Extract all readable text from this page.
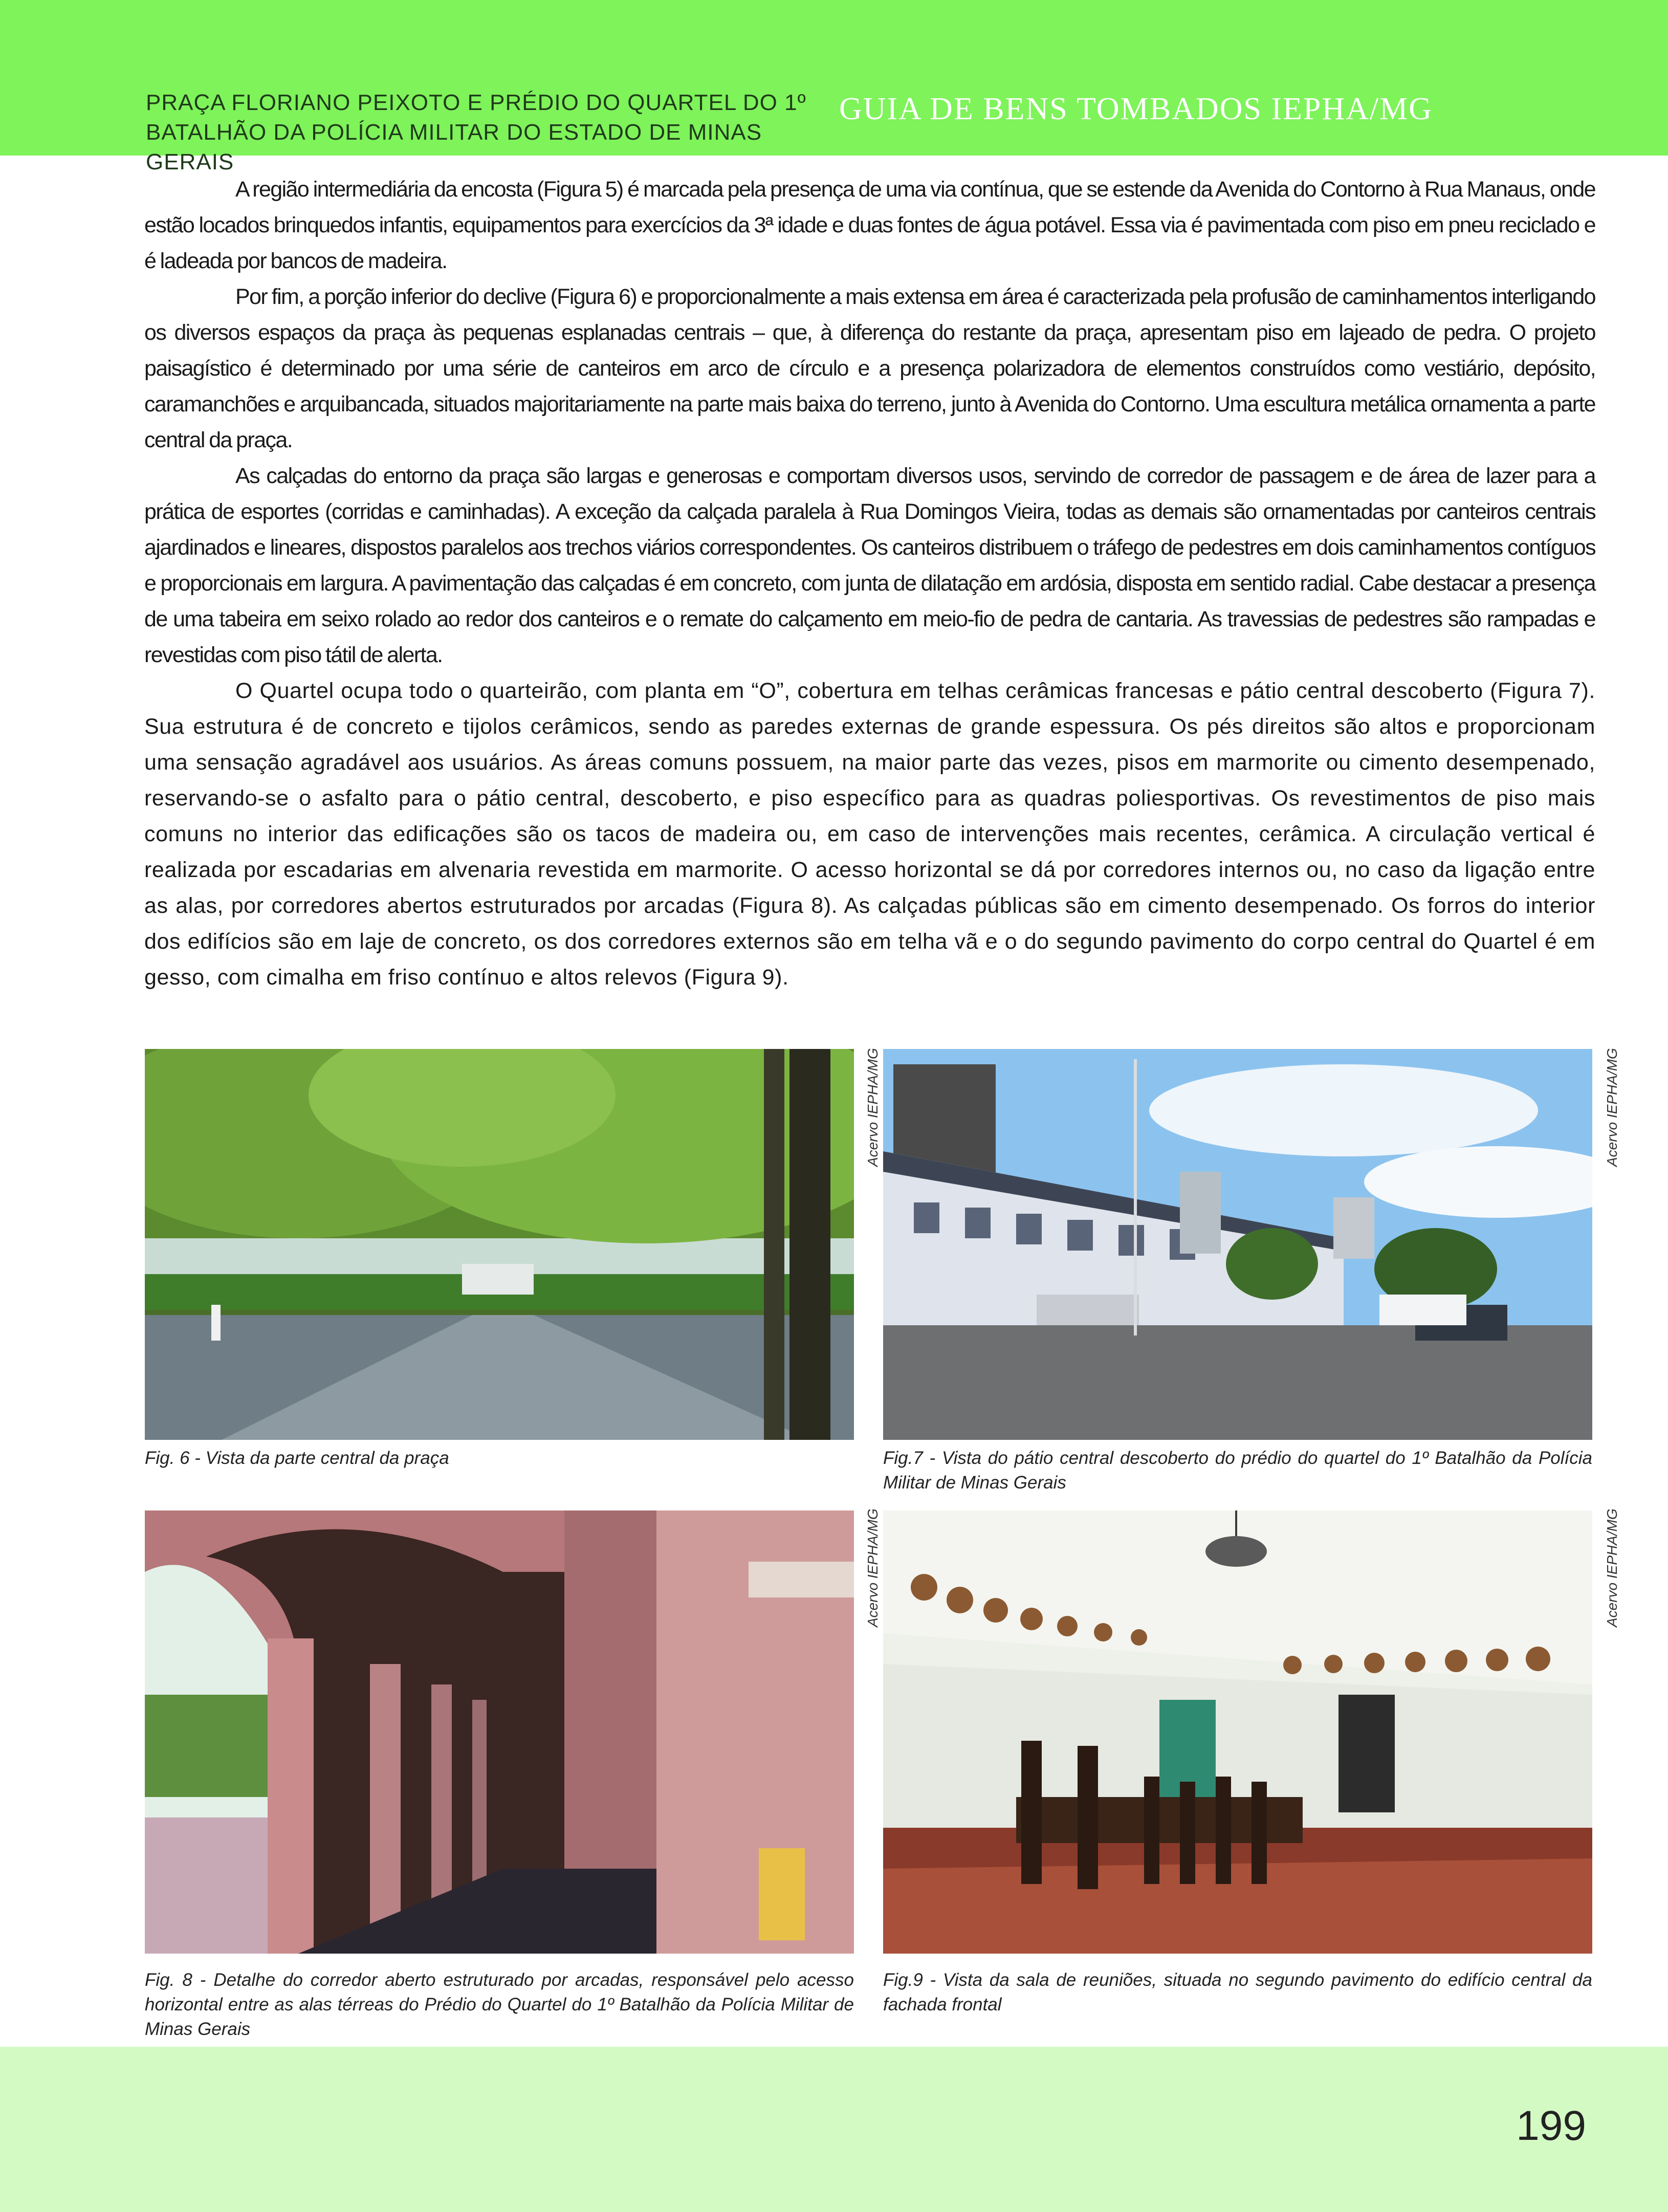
PRAÇA FLORIANO PEIXOTO E PRÉDIO DO QUARTEL DO 1º BATALHÃO DA POLÍCIA MILITAR DO ESTADO DE MINAS GERAIS
GUIA DE BENS TOMBADOS IEPHA/MG

A região intermediária da encosta (Figura 5) é marcada pela presença de uma via contínua, que se estende da Avenida do Contorno à Rua Manaus, onde estão locados brinquedos infantis, equipamentos para exercícios da 3ª idade e duas fontes de água potável. Essa via é pavimentada com piso em pneu reciclado e é ladeada por bancos de madeira.

Por fim, a porção inferior do declive (Figura 6) e proporcionalmente a mais extensa em área é caracterizada pela profusão de caminhamentos interligando os diversos espaços da praça às pequenas esplanadas centrais – que, à diferença do restante da praça, apresentam piso em lajeado de pedra. O projeto paisagístico é determinado por uma série de canteiros em arco de círculo e a presença polarizadora de elementos construídos como vestiário, depósito, caramanchões e arquibancada, situados majoritariamente na parte mais baixa do terreno, junto à Avenida do Contorno. Uma escultura metálica ornamenta a parte central da praça.

As calçadas do entorno da praça são largas e generosas e comportam diversos usos, servindo de corredor de passagem e de área de lazer para a prática de esportes (corridas e caminhadas). A exceção da calçada paralela à Rua Domingos Vieira, todas as demais são ornamentadas por canteiros centrais ajardinados e lineares, dispostos paralelos aos trechos viários correspondentes. Os canteiros distribuem o tráfego de pedestres em dois caminhamentos contíguos e proporcionais em largura. A pavimentação das calçadas é em concreto, com junta de dilatação em ardósia, disposta em sentido radial. Cabe destacar a presença de uma tabeira em seixo rolado ao redor dos canteiros e o remate do calçamento em meio-fio de pedra de cantaria. As travessias de pedestres são rampadas e revestidas com piso tátil de alerta.

O Quartel ocupa todo o quarteirão, com planta em “O”, cobertura em telhas cerâmicas francesas e pátio central descoberto (Figura 7). Sua estrutura é de concreto e tijolos cerâmicos, sendo as paredes externas de grande espessura. Os pés direitos são altos e proporcionam uma sensação agradável aos usuários. As áreas comuns possuem, na maior parte das vezes, pisos em marmorite ou cimento desempenado, reservando-se o asfalto para o pátio central, descoberto, e piso específico para as quadras poliesportivas. Os revestimentos de piso mais comuns no interior das edificações são os tacos de madeira ou, em caso de intervenções mais recentes, cerâmica. A circulação vertical é realizada por escadarias em alvenaria revestida em marmorite. O acesso horizontal se dá por corredores internos ou, no caso da ligação entre as alas, por corredores abertos estruturados por arcadas (Figura 8). As calçadas públicas são em cimento desempenado. Os forros do interior dos edifícios são em laje de concreto, os dos corredores externos são em telha vã e o do segundo pavimento do corpo central do Quartel é em gesso, com cimalha em friso contínuo e altos relevos (Figura 9).

Acervo IEPHA/MG
Fig. 6 - Vista da parte central da praça
Acervo IEPHA/MG
Fig.7 - Vista do pátio central descoberto do prédio do quartel do 1º Batalhão da Polícia Militar de Minas Gerais
Acervo IEPHA/MG
Fig. 8 - Detalhe do corredor aberto estruturado por arcadas, responsável pelo acesso horizontal entre as alas térreas do Prédio do Quartel do 1º Batalhão da Polícia Militar de Minas Gerais
Acervo IEPHA/MG
Fig.9 - Vista da sala de reuniões, situada no segundo pavimento do edifício central da fachada frontal
199
